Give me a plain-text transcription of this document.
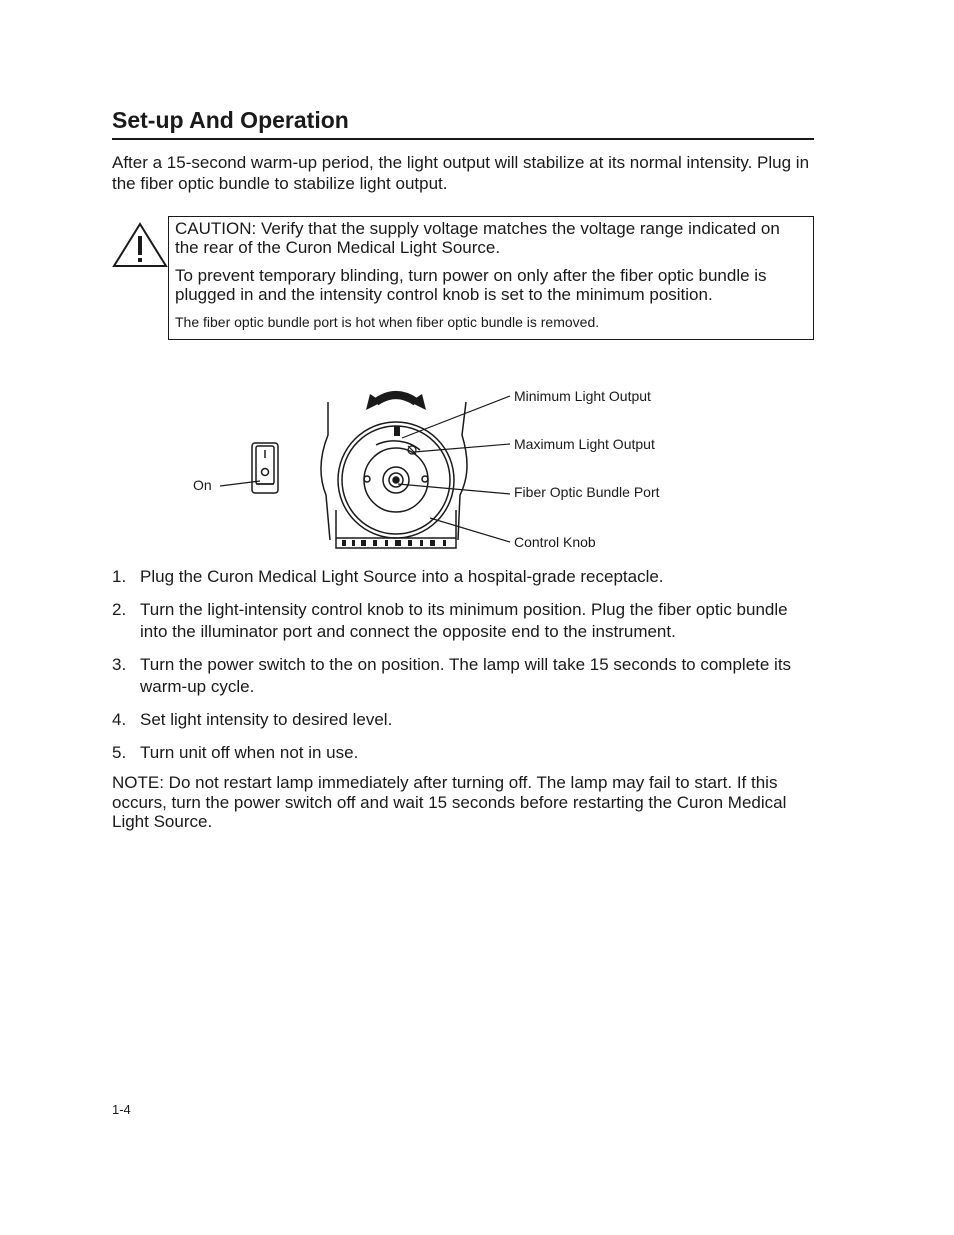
Set-up And Operation

After a 15-second warm-up period, the light output will stabilize at its normal intensity. Plug in the fiber optic bundle to stabilize light output.

CAUTION: Verify that the supply voltage matches the voltage range indicated on the rear of the Curon Medical Light Source.

To prevent temporary blinding, turn power on only after the fiber optic bundle is plugged in and the intensity control knob is set to the minimum position.

The fiber optic bundle port is hot when fiber optic bundle is removed.

On
Minimum Light Output
Maximum Light Output
Fiber Optic Bundle Port
Control Knob
1. Plug the Curon Medical Light Source into a hospital-grade receptacle.
2. Turn the light-intensity control knob to its minimum position. Plug the fiber optic bundle into the illuminator port and connect the opposite end to the instrument.
3. Turn the power switch to the on position. The lamp will take 15 seconds to complete its warm-up cycle.
4. Set light intensity to desired level.
5. Turn unit off when not in use.

NOTE: Do not restart lamp immediately after turning off. The lamp may fail to start. If this occurs, turn the power switch off and wait 15 seconds before restarting the Curon Medical Light Source.

1-4
